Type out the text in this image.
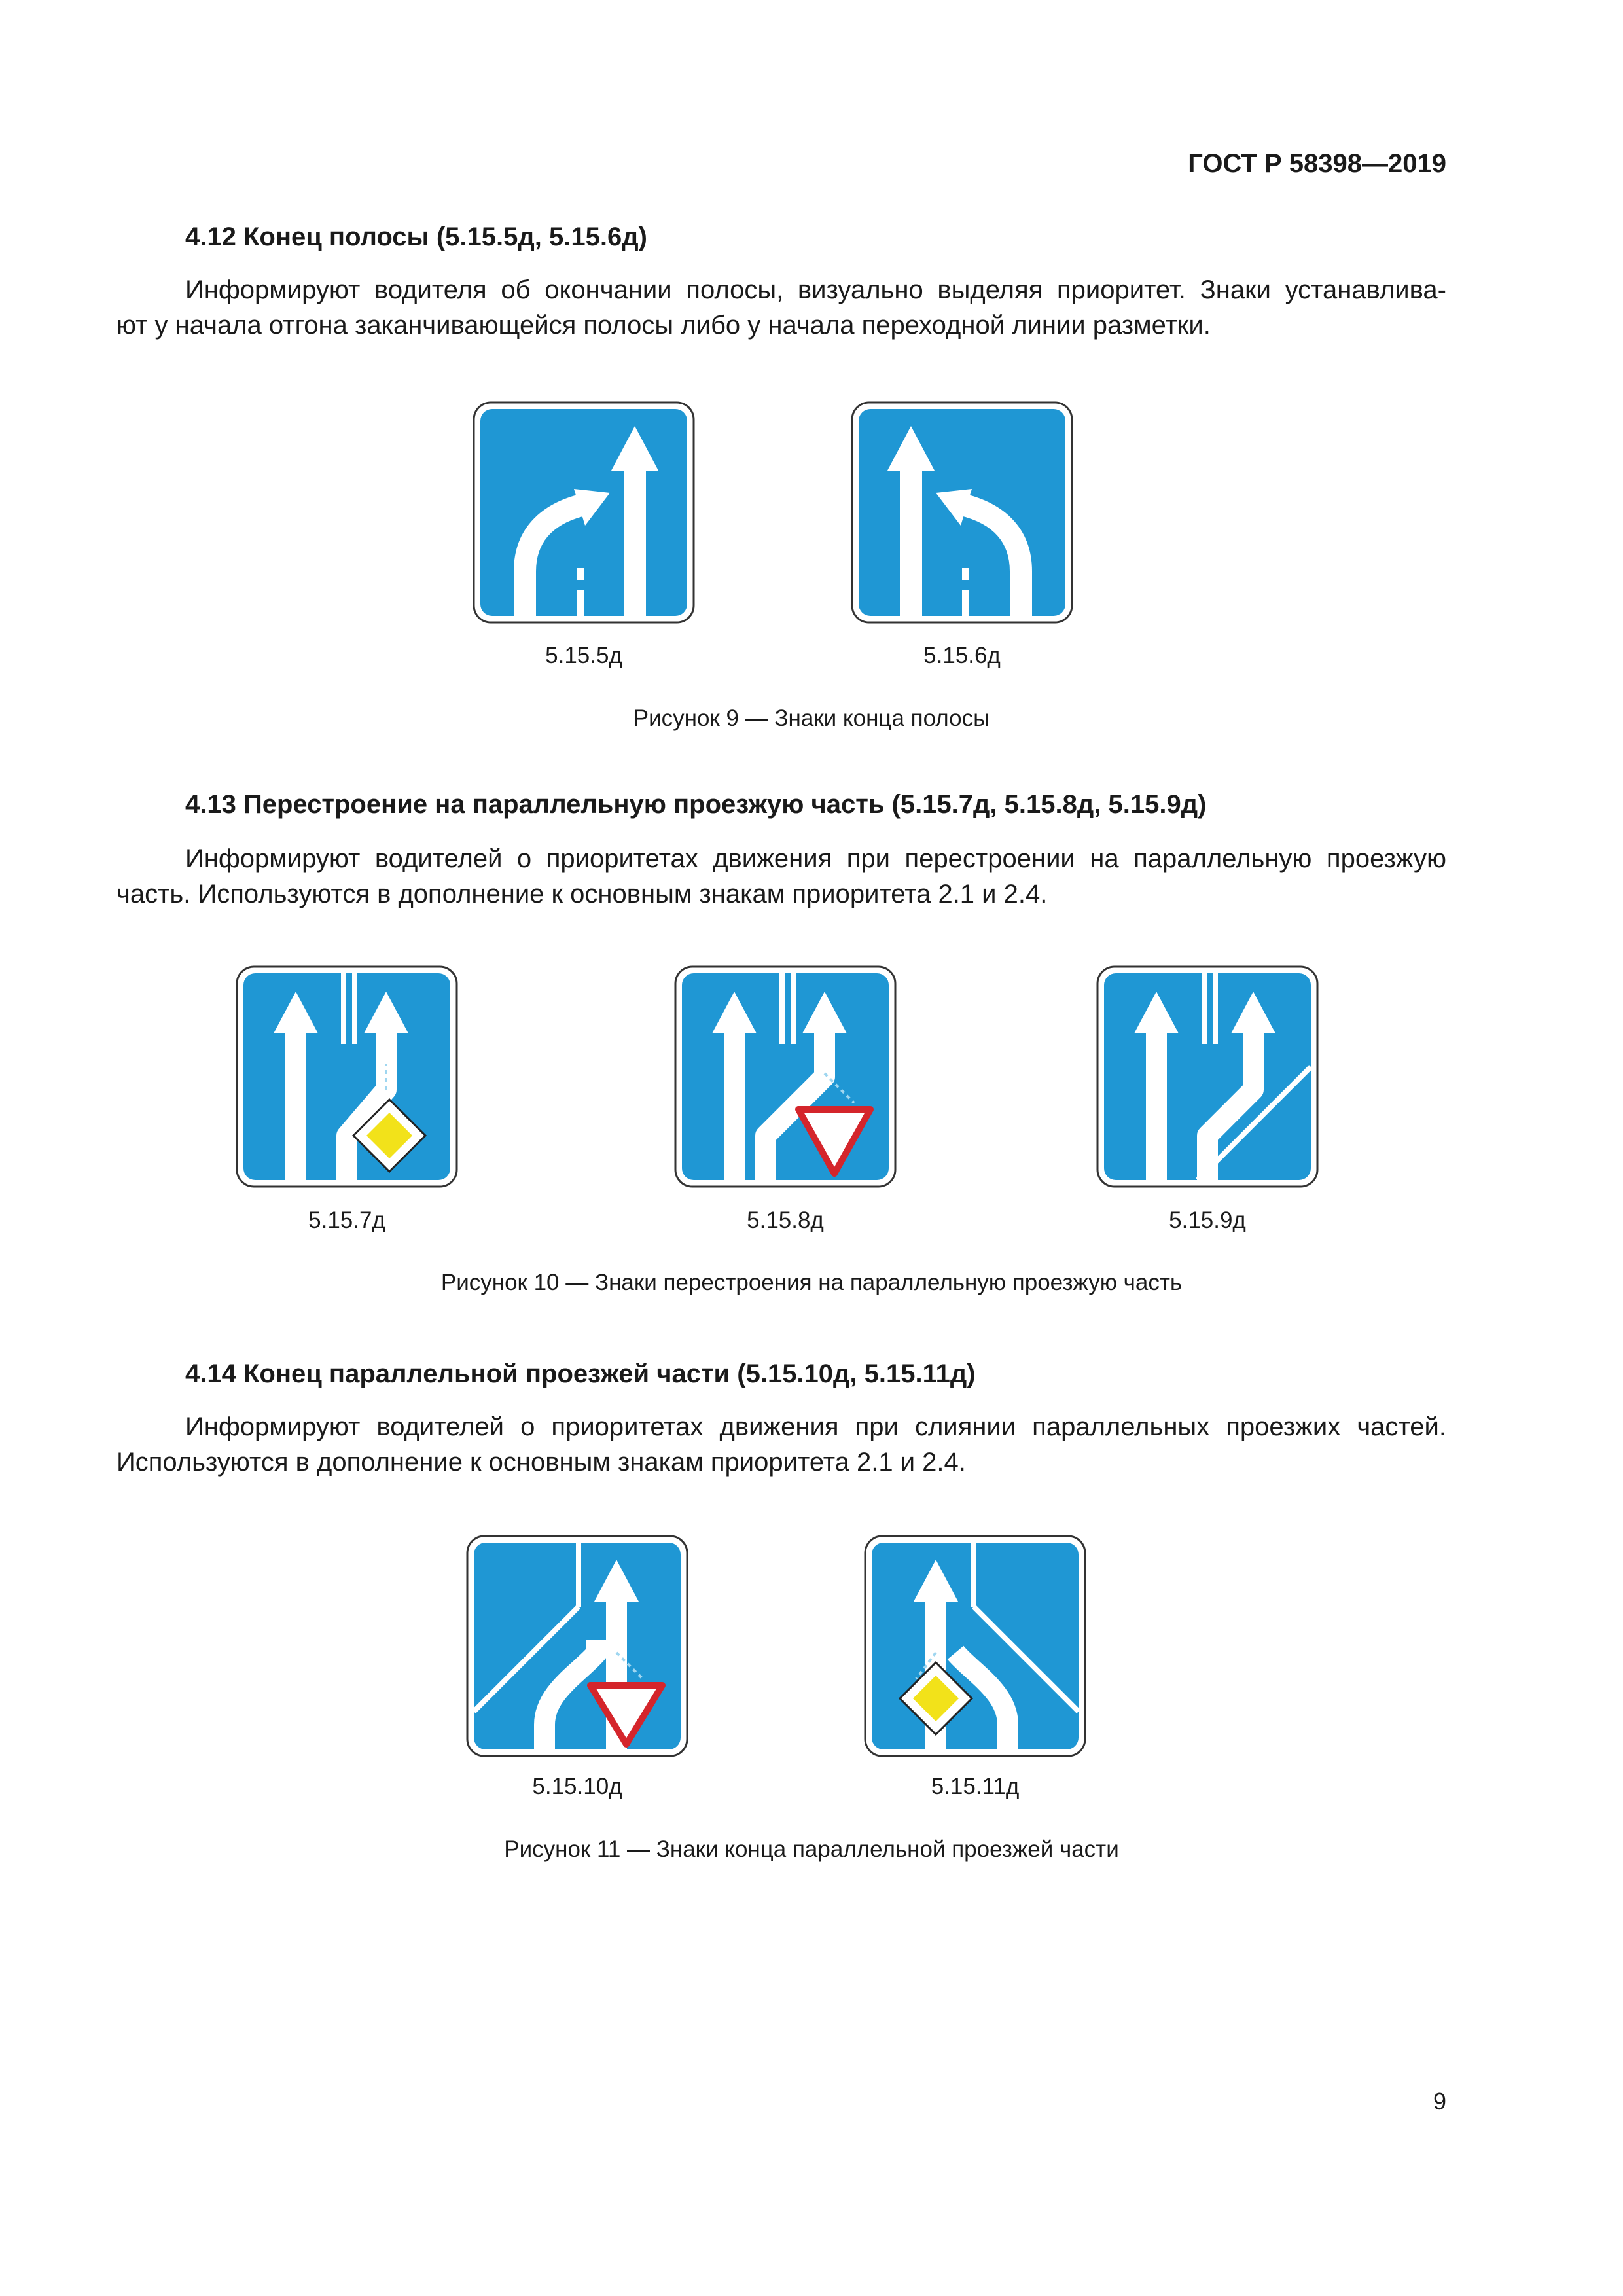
ГОСТ Р 58398—2019
4.12 Конец полосы (5.15.5д, 5.15.6д)
Информируют водителя об окончании полосы, визуально выделяя приоритет. Знаки устанавлива-
ют у начала отгона заканчивающейся полосы либо у начала переходной линии разметки.
5.15.5д	5.15.6д
Рисунок 9 — Знаки конца полосы
4.13 Перестроение на параллельную проезжую часть (5.15.7д, 5.15.8д, 5.15.9д)
Информируют водителей о приоритетах движения при перестроении на параллельную проезжую
часть. Используются в дополнение к основным знакам приоритета 2.1 и 2.4.
5.15.7д	5.15.8д	5.15.9д
Рисунок 10 — Знаки перестроения на параллельную проезжую часть
4.14 Конец параллельной проезжей части (5.15.10д, 5.15.11д)
Информируют водителей о приоритетах движения при слиянии параллельных проезжих частей.
Используются в дополнение к основным знакам приоритета 2.1 и 2.4.
5.15.10д	5.15.11д
Рисунок 11 — Знаки конца параллельной проезжей части
9
